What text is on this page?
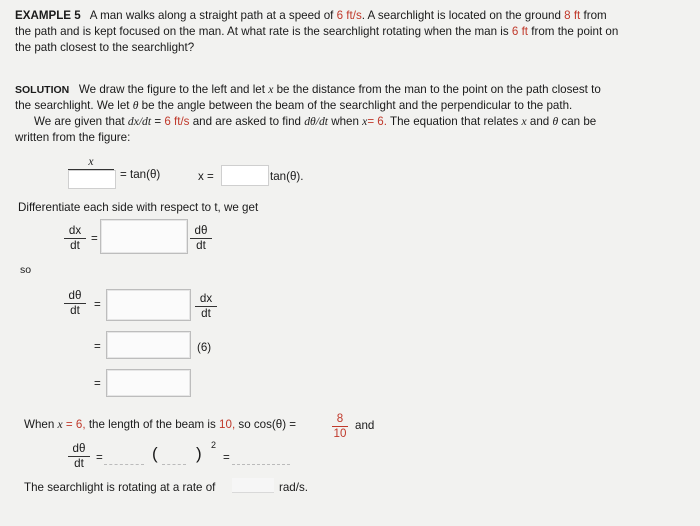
EXAMPLE 5 A man walks along a straight path at a speed of 6 ft/s. A searchlight is located on the ground 8 ft from
the path and is kept focused on the man. At what rate is the searchlight rotating when the man is 6 ft from the point on
the path closest to the searchlight?
SOLUTION We draw the figure to the left and let x be the distance from the man to the point on the path closest to
the searchlight. We let θ be the angle between the beam of the searchlight and the perpendicular to the path.
We are given that dx/dt = 6 ft/s and are asked to find dθ/dt when x= 6. The equation that relates x and θ can be
written from the figure:
x
= tan(θ)	x =	tan(θ).
Differentiate each side with respect to t, we get
dx
dt
=
dθ
dt
so
dθ
dt	=	dx
dt
=	(6)
=
When x = 6, the length of the beam is 10, so cos(θ) =	8
10
and
dθ
dt	=	( ) 2
=
The searchlight is rotating at a rate of	rad/s.
